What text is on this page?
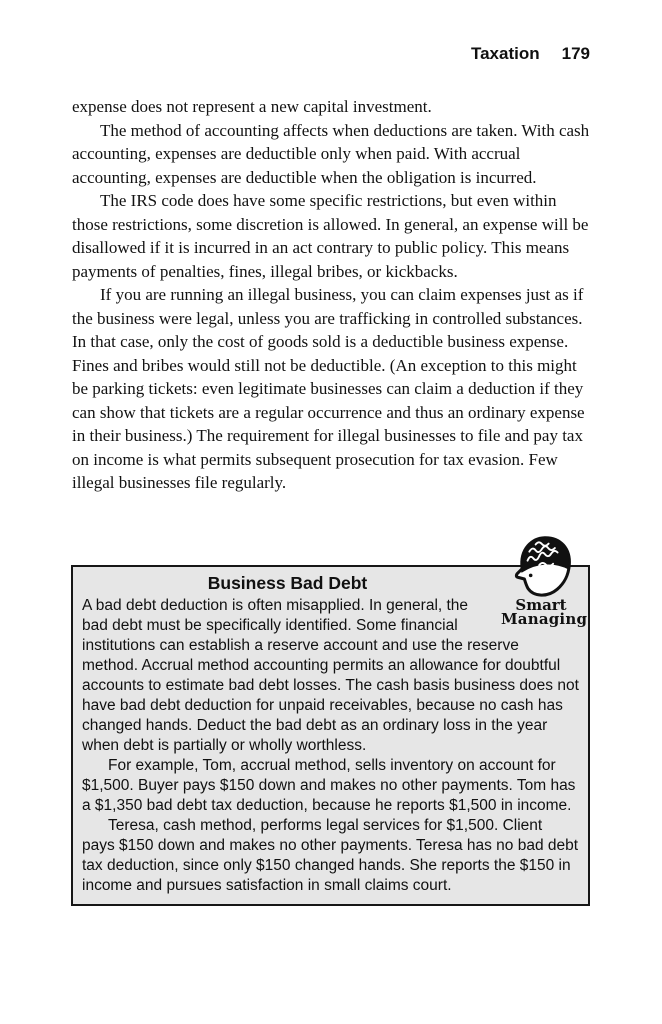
Taxation 179

expense does not represent a new capital investment.

The method of accounting affects when deductions are taken. With cash accounting, expenses are deductible only when paid. With accrual accounting, expenses are deductible when the obligation is incurred.

The IRS code does have some specific restrictions, but even within those restrictions, some discretion is allowed. In general, an expense will be disallowed if it is incurred in an act contrary to public policy. This means payments of penalties, fines, illegal bribes, or kickbacks.

If you are running an illegal business, you can claim expenses just as if the business were legal, unless you are trafficking in controlled substances. In that case, only the cost of goods sold is a deductible business expense. Fines and bribes would still not be deductible. (An exception to this might be parking tickets: even legitimate businesses can claim a deduction if they can show that tickets are a regular occurrence and thus an ordinary expense in their business.) The requirement for illegal businesses to file and pay tax on income is what permits subsequent prosecution for tax evasion. Few illegal businesses file regularly.

Smart
Managing

Business Bad Debt

A bad debt deduction is often misapplied. In general, the bad debt must be specifically identified. Some financial institutions can establish a reserve account and use the reserve method. Accrual method accounting permits an allowance for doubtful accounts to estimate bad debt losses. The cash basis business does not have bad debt deduction for unpaid receivables, because no cash has changed hands. Deduct the bad debt as an ordinary loss in the year when debt is partially or wholly worthless.

For example, Tom, accrual method, sells inventory on account for $1,500. Buyer pays $150 down and makes no other payments. Tom has a $1,350 bad debt tax deduction, because he reports $1,500 in income.

Teresa, cash method, performs legal services for $1,500. Client pays $150 down and makes no other payments. Teresa has no bad debt tax deduction, since only $150 changed hands. She reports the $150 in income and pursues satisfaction in small claims court.
